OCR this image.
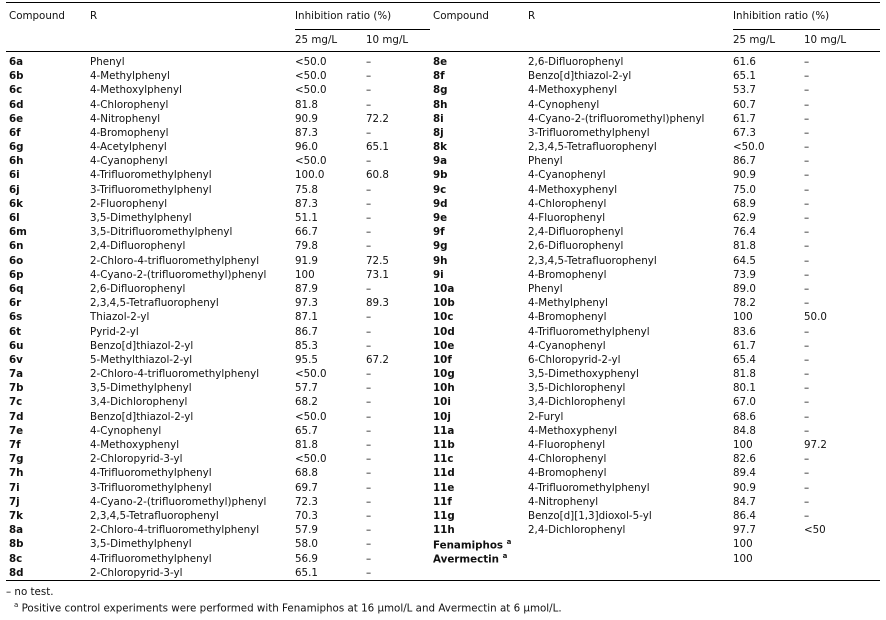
Compound	R	Inhibition ratio (%)		Compound	R	Inhibition ratio (%)	
		25 mg/L	10 mg/L			25 mg/L	10 mg/L

6a	Phenyl	<50.0	–	8e	2,6-Difluorophenyl	61.6	–
6b	4-Methylphenyl	<50.0	–	8f	Benzo[d]thiazol-2-yl	65.1	–
6c	4-Methoxylphenyl	<50.0	–	8g	4-Methoxyphenyl	53.7	–
6d	4-Chlorophenyl	81.8	–	8h	4-Cynophenyl	60.7	–
6e	4-Nitrophenyl	90.9	72.2	8i	4-Cyano-2-(trifluoromethyl)phenyl	61.7	–
6f	4-Bromophenyl	87.3	–	8j	3-Trifluoromethylphenyl	67.3	–
6g	4-Acetylphenyl	96.0	65.1	8k	2,3,4,5-Tetrafluorophenyl	<50.0	–
6h	4-Cyanophenyl	<50.0	–	9a	Phenyl	86.7	–
6i	4-Trifluoromethylphenyl	100.0	60.8	9b	4-Cyanophenyl	90.9	–
6j	3-Trifluoromethylphenyl	75.8	–	9c	4-Methoxyphenyl	75.0	–
6k	2-Fluorophenyl	87.3	–	9d	4-Chlorophenyl	68.9	–
6l	3,5-Dimethylphenyl	51.1	–	9e	4-Fluorophenyl	62.9	–
6m	3,5-Ditrifluoromethylphenyl	66.7	–	9f	2,4-Difluorophenyl	76.4	–
6n	2,4-Difluorophenyl	79.8	–	9g	2,6-Difluorophenyl	81.8	–
6o	2-Chloro-4-trifluoromethylphenyl	91.9	72.5	9h	2,3,4,5-Tetrafluorophenyl	64.5	–
6p	4-Cyano-2-(trifluoromethyl)phenyl	100	73.1	9i	4-Bromophenyl	73.9	–
6q	2,6-Difluorophenyl	87.9	–	10a	Phenyl	89.0	–
6r	2,3,4,5-Tetrafluorophenyl	97.3	89.3	10b	4-Methylphenyl	78.2	–
6s	Thiazol-2-yl	87.1	–	10c	4-Bromophenyl	100	50.0
6t	Pyrid-2-yl	86.7	–	10d	4-Trifluoromethylphenyl	83.6	–
6u	Benzo[d]thiazol-2-yl	85.3	–	10e	4-Cyanophenyl	61.7	–
6v	5-Methylthiazol-2-yl	95.5	67.2	10f	6-Chloropyrid-2-yl	65.4	–
7a	2-Chloro-4-trifluoromethylphenyl	<50.0	–	10g	3,5-Dimethoxyphenyl	81.8	–
7b	3,5-Dimethylphenyl	57.7	–	10h	3,5-Dichlorophenyl	80.1	–
7c	3,4-Dichlorophenyl	68.2	–	10i	3,4-Dichlorophenyl	67.0	–
7d	Benzo[d]thiazol-2-yl	<50.0	–	10j	2-Furyl	68.6	–
7e	4-Cynophenyl	65.7	–	11a	4-Methoxyphenyl	84.8	–
7f	4-Methoxyphenyl	81.8	–	11b	4-Fluorophenyl	100	97.2
7g	2-Chloropyrid-3-yl	<50.0	–	11c	4-Chlorophenyl	82.6	–
7h	4-Trifluoromethylphenyl	68.8	–	11d	4-Bromophenyl	89.4	–
7i	3-Trifluoromethylphenyl	69.7	–	11e	4-Trifluoromethylphenyl	90.9	–
7j	4-Cyano-2-(trifluoromethyl)phenyl	72.3	–	11f	4-Nitrophenyl	84.7	–
7k	2,3,4,5-Tetrafluorophenyl	70.3	–	11g	Benzo[d][1,3]dioxol-5-yl	86.4	–
8a	2-Chloro-4-trifluoromethylphenyl	57.9	–	11h	2,4-Dichlorophenyl	97.7	<50
8b	3,5-Dimethylphenyl	58.0	–	Fenamiphos $^a$		100	
8c	4-Trifluoromethylphenyl	56.9	–	Avermectin $^a$		100	
8d	2-Chloropyrid-3-yl	65.1	–				
– no test.
$^a$ Positive control experiments were performed with Fenamiphos at 16 μmol/L and Avermectin at 6 μmol/L.
